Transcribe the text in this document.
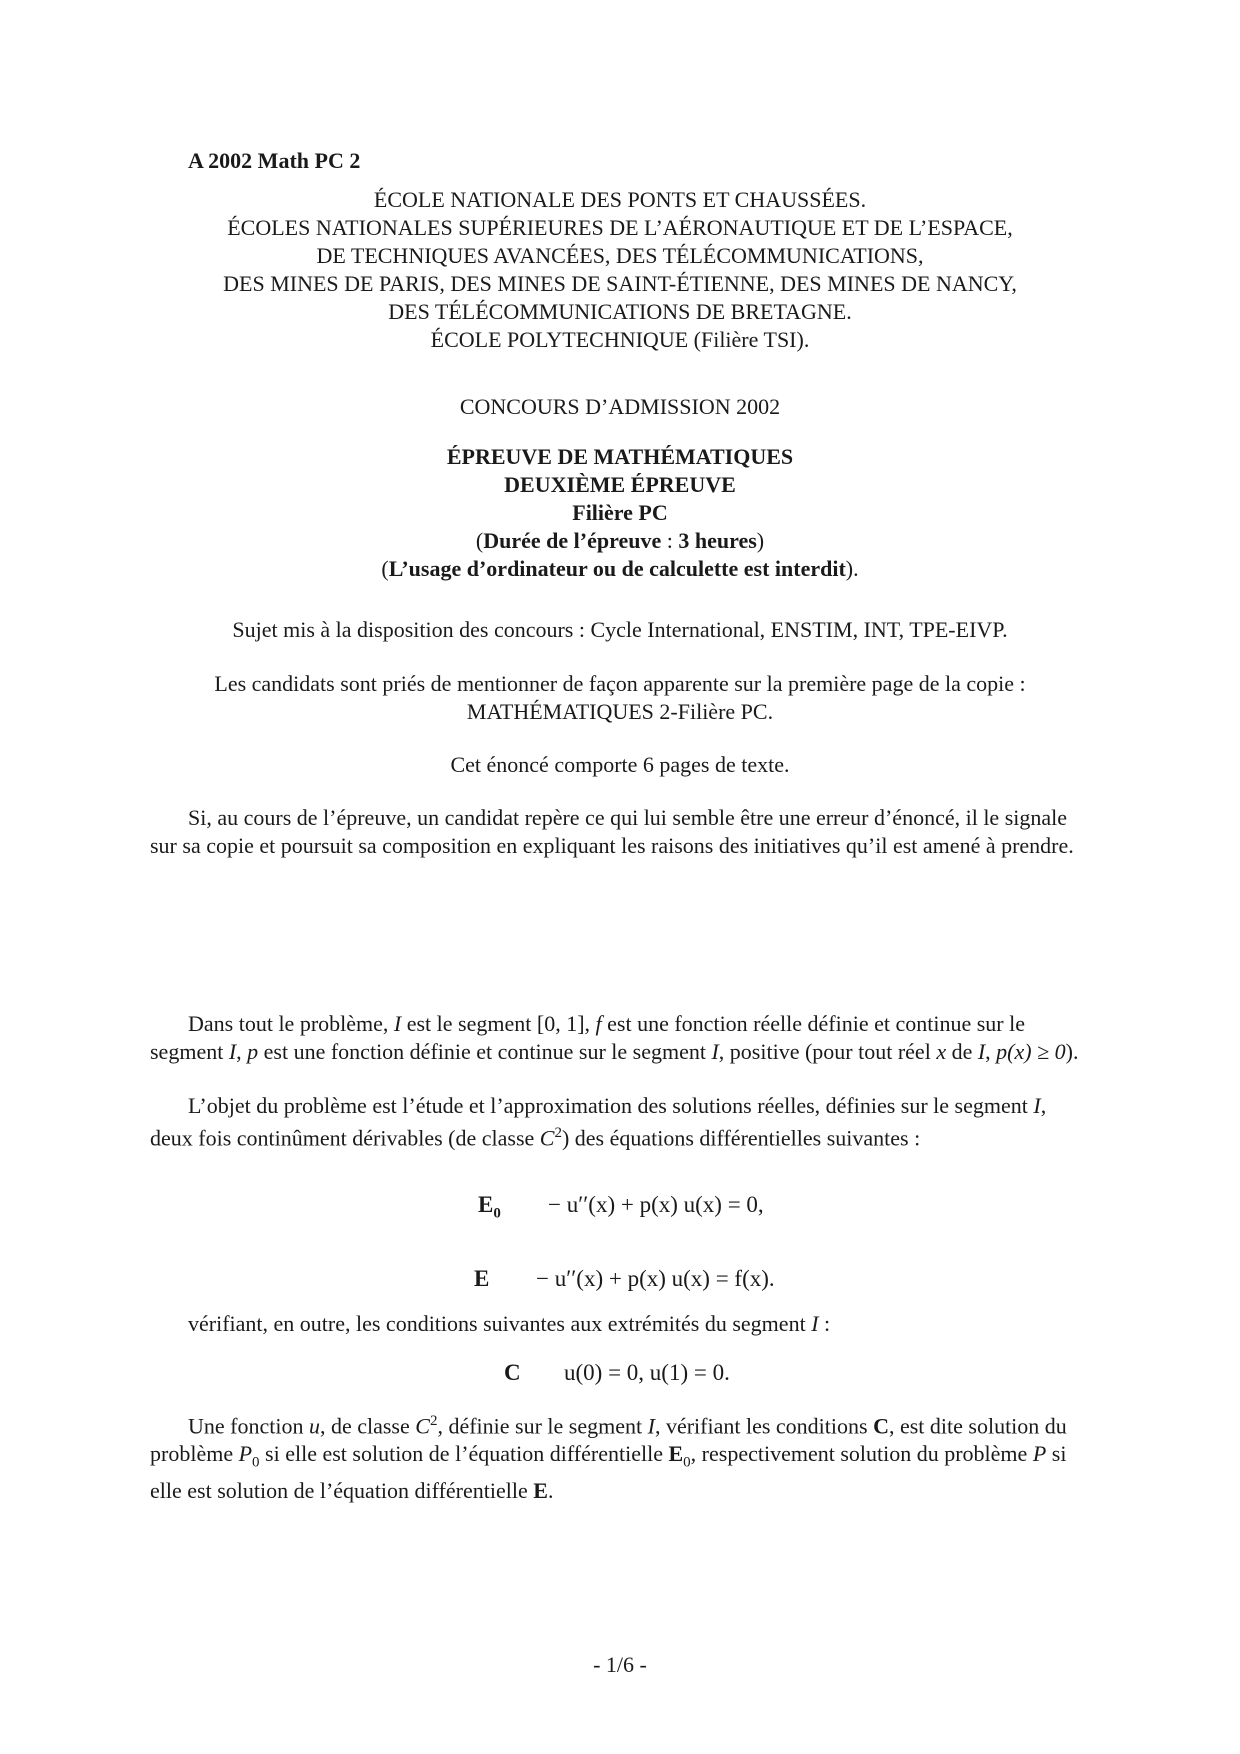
A 2002 Math PC 2

ÉCOLE NATIONALE DES PONTS ET CHAUSSÉES.
ÉCOLES NATIONALES SUPÉRIEURES DE L’AÉRONAUTIQUE ET DE L’ESPACE,
DE TECHNIQUES AVANCÉES, DES TÉLÉCOMMUNICATIONS,
DES MINES DE PARIS, DES MINES DE SAINT-ÉTIENNE, DES MINES DE NANCY,
DES TÉLÉCOMMUNICATIONS DE BRETAGNE.
ÉCOLE POLYTECHNIQUE (Filière TSI).
CONCOURS D’ADMISSION 2002
ÉPREUVE DE MATHÉMATIQUES
DEUXIÈME ÉPREUVE
Filière PC
(Durée de l’épreuve : 3 heures)
(L’usage d’ordinateur ou de calculette est interdit).
Sujet mis à la disposition des concours : Cycle International, ENSTIM, INT, TPE-EIVP.
Les candidats sont priés de mentionner de façon apparente sur la première page de la copie :
MATHÉMATIQUES 2-Filière PC.
Cet énoncé comporte 6 pages de texte.

Si, au cours de l’épreuve, un candidat repère ce qui lui semble être une erreur d’énoncé, il le signale sur sa copie et poursuit sa composition en expliquant les raisons des initiatives qu’il est amené à prendre.

Dans tout le problème, I est le segment [0, 1], f est une fonction réelle définie et continue sur le segment I, p est une fonction définie et continue sur le segment I, positive (pour tout réel x de I, p(x) ≥ 0).

L’objet du problème est l’étude et l’approximation des solutions réelles, définies sur le segment I, deux fois continûment dérivables (de classe $C^2$) des équations différentielles suivantes :

$E_0 - u''(x) + p(x) u(x) = 0$,

E − u′′(x) + p(x) u(x) = f(x).

vérifiant, en outre, les conditions suivantes aux extrémités du segment I :

C u(0) = 0, u(1) = 0.

Une fonction u, de classe $C^2$, définie sur le segment I, vérifiant les conditions C, est dite solution du problème $P_0$ si elle est solution de l’équation différentielle $E_0$, respectivement solution du problème P si elle est solution de l’équation différentielle E.

- 1/6 -
